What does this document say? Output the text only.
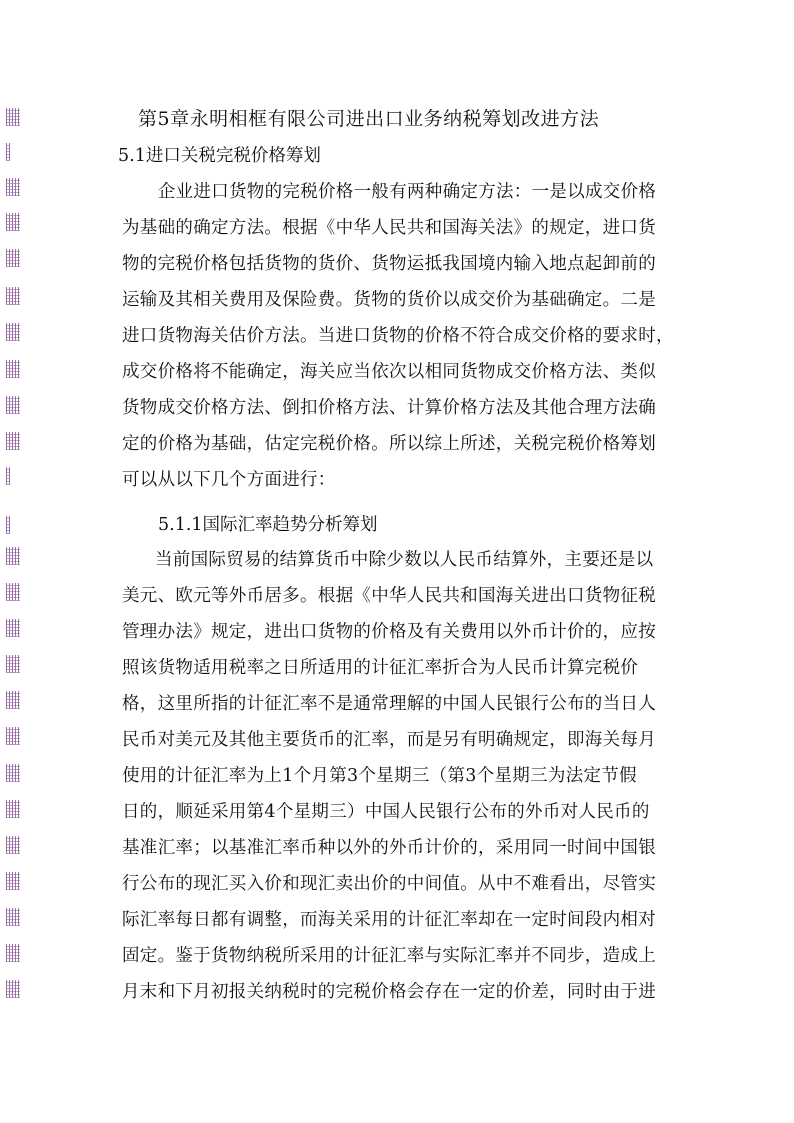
第5章永明相框有限公司进出口业务纳税筹划改进方法
5.1进口关税完税价格筹划
　企业进口货物的完税价格一般有两种确定方法：一是以成交价格
为基础的确定方法。根据《中华人民共和国海关法》的规定，进口货
物的完税价格包括货物的货价、货物运抵我国境内输入地点起卸前的
运输及其相关费用及保险费。货物的货价以成交价为基础确定。二是
进口货物海关估价方法。当进口货物的价格不符合成交价格的要求时，
成交价格将不能确定，海关应当依次以相同货物成交价格方法、类似
货物成交价格方法、倒扣价格方法、计算价格方法及其他合理方法确
定的价格为基础，估定完税价格。所以综上所述，关税完税价格筹划
可以从以下几个方面进行：
5.1.1国际汇率趋势分析筹划
当前国际贸易的结算货币中除少数以人民币结算外，主要还是以
美元、欧元等外币居多。根据《中华人民共和国海关进出口货物征税
管理办法》规定，进出口货物的价格及有关费用以外币计价的，应按
照该货物适用税率之日所适用的计征汇率折合为人民币计算完税价
格，这里所指的计征汇率不是通常理解的中国人民银行公布的当日人
民币对美元及其他主要货币的汇率，而是另有明确规定，即海关每月
使用的计征汇率为上1个月第3个星期三（第3个星期三为法定节假
日的，顺延采用第4个星期三）中国人民银行公布的外币对人民币的
基准汇率；以基准汇率币种以外的外币计价的，采用同一时间中国银
行公布的现汇买入价和现汇卖出价的中间值。从中不难看出，尽管实
际汇率每日都有调整，而海关采用的计征汇率却在一定时间段内相对
固定。鉴于货物纳税所采用的计征汇率与实际汇率并不同步，造成上
月末和下月初报关纳税时的完税价格会存在一定的价差，同时由于进
